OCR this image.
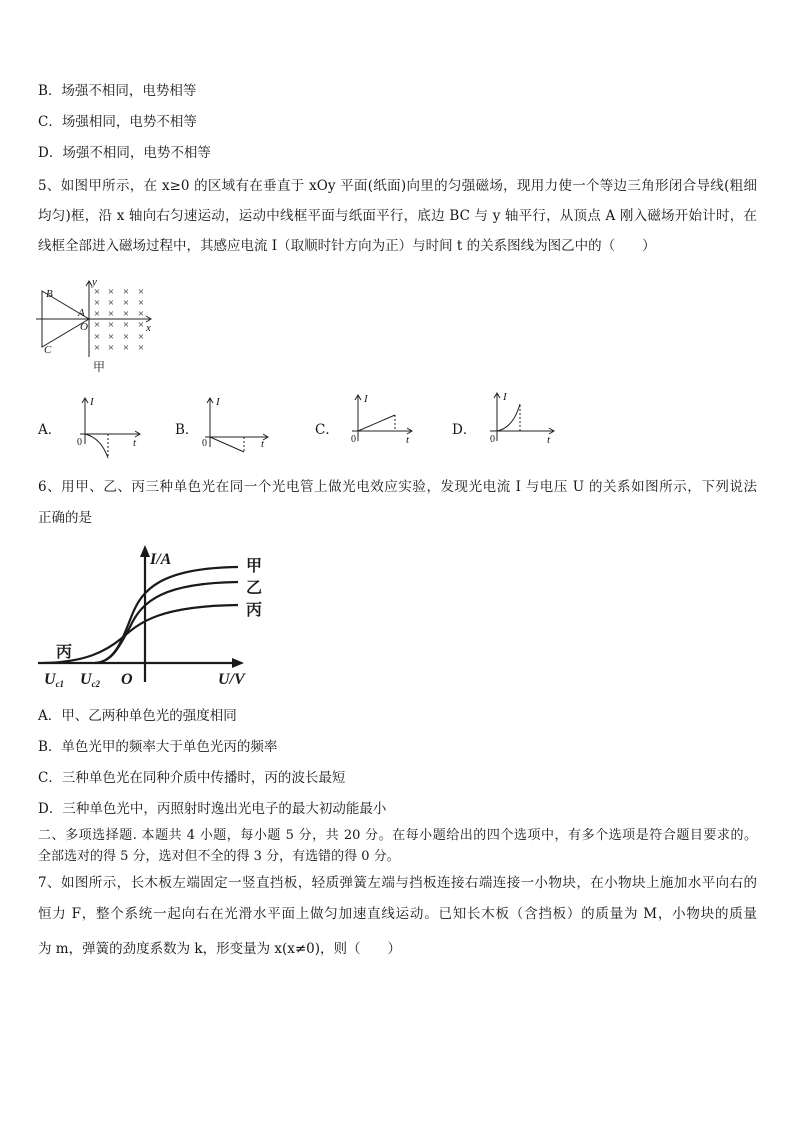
B．场强不相同，电势相等
C．场强相同，电势不相等
D．场强不相同，电势不相等
5、如图甲所示，在 x≥0 的区域有在垂直于 xOy 平面(纸面)向里的匀强磁场，现用力使一个等边三角形闭合导线(粗细
均匀)框，沿 x 轴向右匀速运动，运动中线框平面与纸面平行，底边 BC 与 y 轴平行，从顶点 A 刚入磁场开始计时，在
线框全部进入磁场过程中，其感应电流 I（取顺时针方向为正）与时间 t 的关系图线为图乙中的（　　）
A．	B．	C．	D．
6、用甲、乙、丙三种单色光在同一个光电管上做光电效应实验，发现光电流 I 与电压 U 的关系如图所示，下列说法
正确的是
A．甲、乙两种单色光的强度相同
B．单色光甲的频率大于单色光丙的频率
C．三种单色光在同种介质中传播时，丙的波长最短
D．三种单色光中，丙照射时逸出光电子的最大初动能最小
二、多项选择题. 本题共 4 小题，每小题 5 分，共 20 分。在每小题给出的四个选项中，有多个选项是符合题目要求的。
全部选对的得 5 分，选对但不全的得 3 分，有选错的得 0 分。
7、如图所示，长木板左端固定一竖直挡板，轻质弹簧左端与挡板连接右端连接一小物块，在小物块上施加水平向右的
恒力 F，整个系统一起向右在光滑水平面上做匀加速直线运动。已知长木板（含挡板）的质量为 M，小物块的质量
为 m，弹簧的劲度系数为 k，形变量为 x(x≠0)，则（　　）
B
C
A
O
y
x
× × × ×
× × × ×
× × × ×
× × × ×
× × × ×
× × × ×
甲
I
0	t
I
0	t
I
0	t
I
0	t
I/A	甲
乙
丙
丙
Uc1 Uc2 O	U/V
